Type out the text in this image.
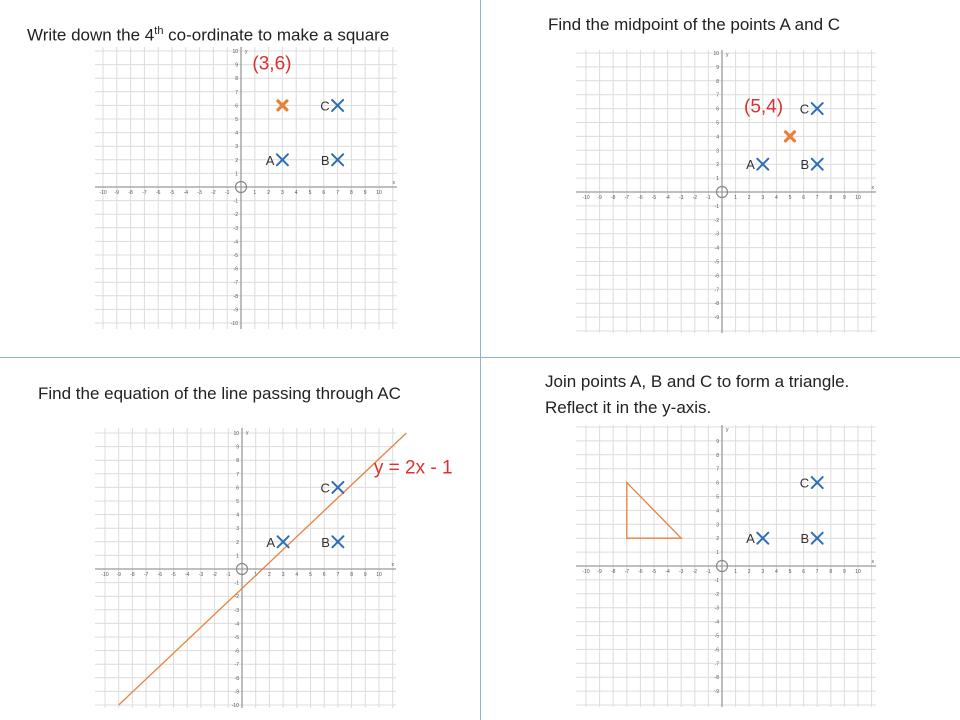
Write down the 4th co-ordinate to make a square
Find the midpoint of the points A and C
Find the equation of the line passing through AC
Join points A, B and C to form a triangle.
Reflect it in the y-axis.
-10
-10
-9
-9
-8
-8
-7
-7
-6
-6
-5
-5
-4
-4
-3
-3
-2
-2
-1
-1
1
1
2
2
3
3
4
4
5
5
6
6
7
7
8
8
9
9
10
10
x
y
A	B
C
(3,6)
-10 -9
-9
-8
-8
-7
-7
-6
-6
-5
-5
-4
-4
-3
-3
-2
-2
-1
-1
1
1
2
2
3
3
4
4
5
5
6
6
7
7
8
8
9
9
10
10
x
y
A	B
C
(5,4)
-10
-10
-9
-9
-8
-8
-7
-7
-6
-6
-5
-5
-4
-4
-3
-3
-2
-2
-1
-1
1
2
2
3
3
4
4
5
5
6
6
7
7
8
8
9
9
10
10
x
y
A	B
C
y = 2x - 1
-10 -9
-9
-8
-8
-7
-7
-6
-6
-5
-5
-4
-4
-3
-3
-2
-2
-1
-1
1
1
2
2
3
3
4
4
5
5
6
6
7
7
8
8
9
9
10
x
y
A	B
C
